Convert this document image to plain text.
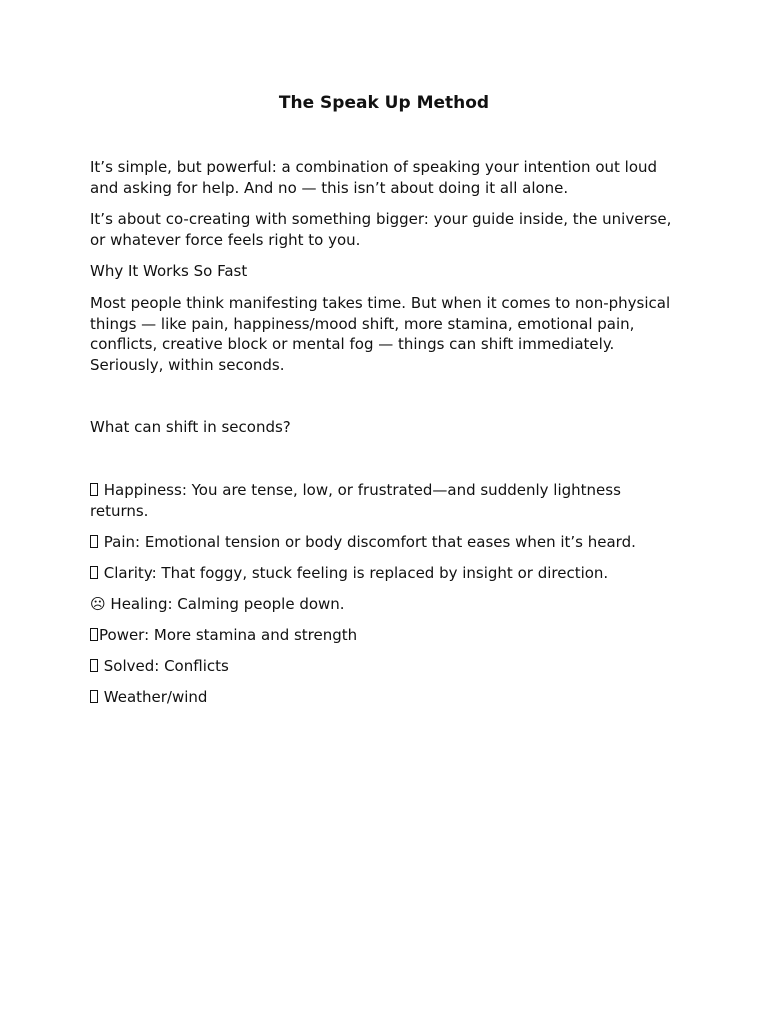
The Speak Up Method

It’s simple, but powerful: a combination of speaking your intention out loud and asking for help. And no — this isn’t about doing it all alone.

It’s about co-creating with something bigger: your guide inside, the universe, or whatever force feels right to you.

Why It Works So Fast

Most people think manifesting takes time. But when it comes to non-physical things — like pain, happiness/mood shift, more stamina, emotional pain, conflicts, creative block or mental fog — things can shift immediately. Seriously, within seconds.

What can shift in seconds?

Happiness: You are tense, low, or frustrated—and suddenly lightness returns.
Pain: Emotional tension or body discomfort that eases when it’s heard.
Clarity: That foggy, stuck feeling is replaced by insight or direction.
☹ Healing: Calming people down.
Power: More stamina and strength
Solved: Conflicts
Weather/wind
